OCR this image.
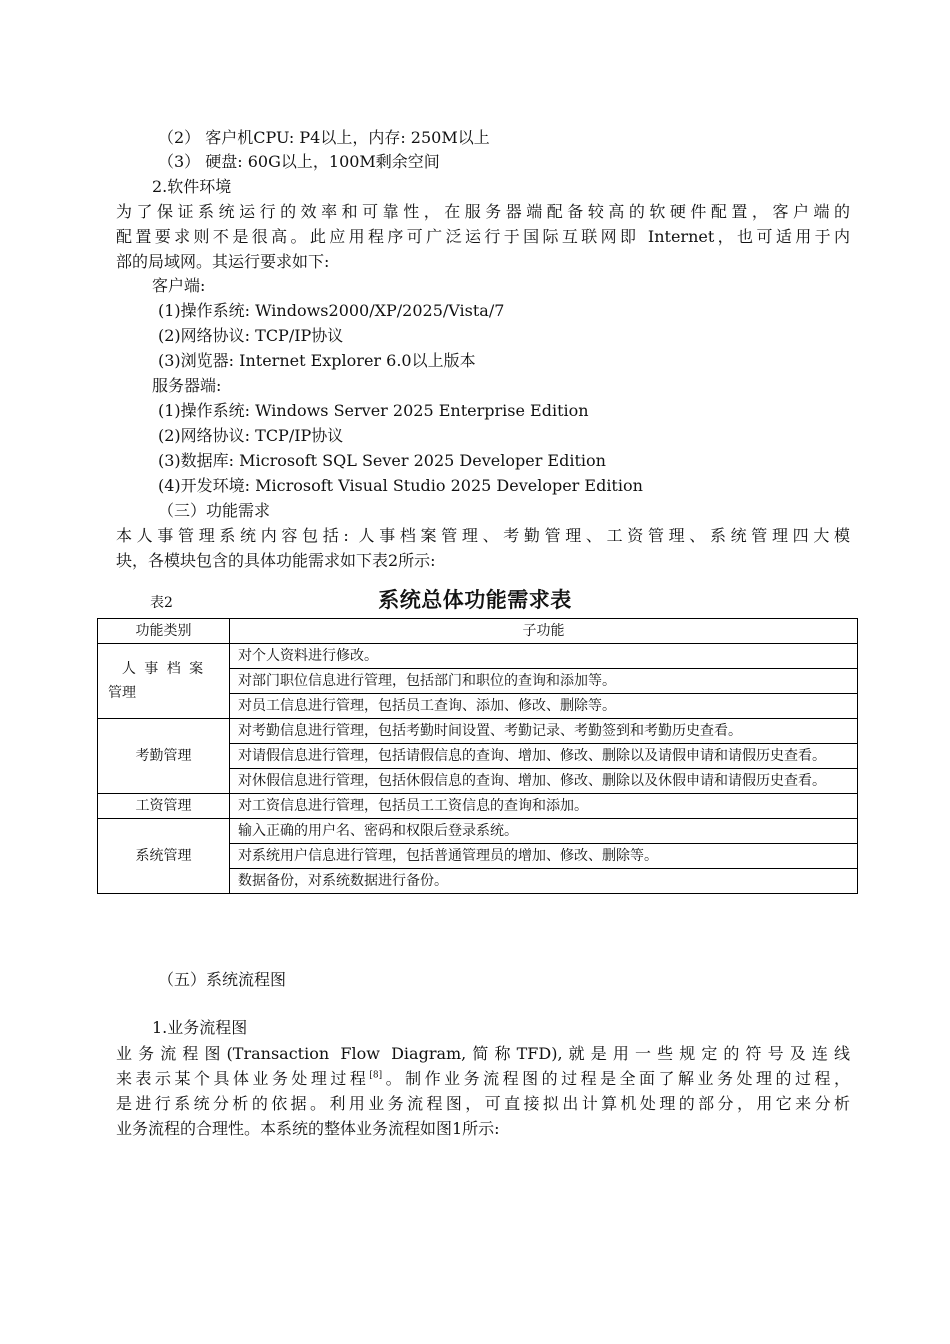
（2） 客户机CPU: P4以上，内存: 250M以上
（3） 硬盘: 60G以上，100M剩余空间
2.软件环境
为了保证系统运行的效率和可靠性，在服务器端配备较高的软硬件配置，客户端的
配置要求则不是很高。此应用程序可广泛运行于国际互联网即 Internet，也可适用于内
部的局域网。其运行要求如下:
客户端:
(1)操作系统: Windows2000/XP/2025/Vista/7
(2)网络协议: TCP/IP协议
(3)浏览器: Internet Explorer 6.0以上版本
服务器端:
(1)操作系统: Windows Server 2025 Enterprise Edition
(2)网络协议: TCP/IP协议
(3)数据库: Microsoft SQL Sever 2025 Developer Edition
(4)开发环境: Microsoft Visual Studio 2025 Developer Edition
（三）功能需求
本人事管理系统内容包括: 人事档案管理、考勤管理、工资管理、系统管理四大模
块，各模块包含的具体功能需求如下表2所示:
表2	系统总体功能需求表
功能类别	子功能

人 事 档 案
管理	对个人资料进行修改。
	对部门职位信息进行管理，包括部门和职位的查询和添加等。
	对员工信息进行管理，包括员工查询、添加、修改、删除等。
考勤管理	对考勤信息进行管理，包括考勤时间设置、考勤记录、考勤签到和考勤历史查看。
	对请假信息进行管理，包括请假信息的查询、增加、修改、删除以及请假申请和请假历史查看。
	对休假信息进行管理，包括休假信息的查询、增加、修改、删除以及休假申请和请假历史查看。
工资管理	对工资信息进行管理，包括员工工资信息的查询和添加。
系统管理	输入正确的用户名、密码和权限后登录系统。
	对系统用户信息进行管理，包括普通管理员的增加、修改、删除等。
	数据备份，对系统数据进行备份。
（五）系统流程图
1.业务流程图
业务流程图(Transaction Flow Diagram,简称TFD),就是用一些规定的符号及连线
来表示某个具体业务处理过程[8]。制作业务流程图的过程是全面了解业务处理的过程，
是进行系统分析的依据。利用业务流程图，可直接拟出计算机处理的部分，用它来分析
业务流程的合理性。本系统的整体业务流程如图1所示:
